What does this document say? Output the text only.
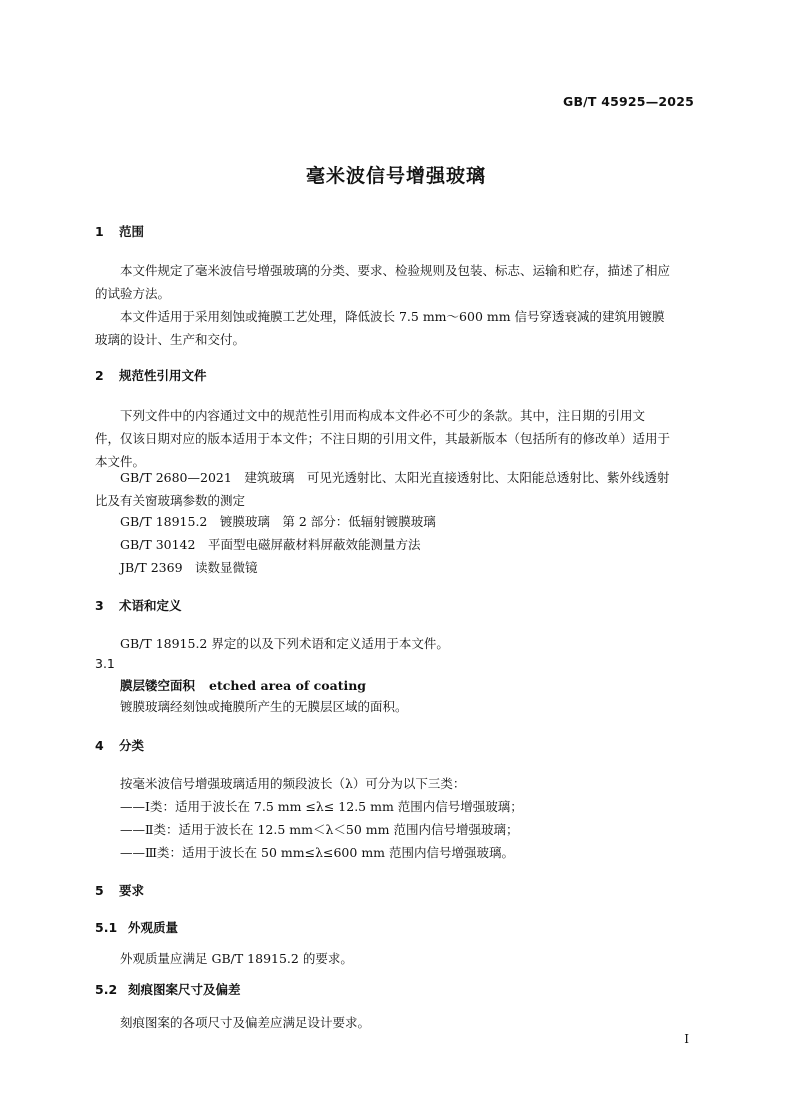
GB/T 45925—2025
毫米波信号增强玻璃
1 范围
本文件规定了毫米波信号增强玻璃的分类、要求、检验规则及包装、标志、运输和贮存，描述了相应
的试验方法。
本文件适用于采用刻蚀或掩膜工艺处理，降低波长 7.5 mm～600 mm 信号穿透衰减的建筑用镀膜
玻璃的设计、生产和交付。
2 规范性引用文件
下列文件中的内容通过文中的规范性引用而构成本文件必不可少的条款。其中，注日期的引用文
件，仅该日期对应的版本适用于本文件；不注日期的引用文件，其最新版本（包括所有的修改单）适用于
本文件。
GB/T 2680—2021　建筑玻璃　可见光透射比、太阳光直接透射比、太阳能总透射比、紫外线透射
比及有关窗玻璃参数的测定
GB/T 18915.2　镀膜玻璃　第 2 部分：低辐射镀膜玻璃
GB/T 30142　平面型电磁屏蔽材料屏蔽效能测量方法
JB/T 2369　读数显微镜
3 术语和定义
GB/T 18915.2 界定的以及下列术语和定义适用于本文件。
3.1
膜层镂空面积 etched area of coating
镀膜玻璃经刻蚀或掩膜所产生的无膜层区域的面积。
4 分类
按毫米波信号增强玻璃适用的频段波长（λ）可分为以下三类：
——Ⅰ类：适用于波长在 7.5 mm ≤λ≤ 12.5 mm 范围内信号增强玻璃；
——Ⅱ类：适用于波长在 12.5 mm＜λ＜50 mm 范围内信号增强玻璃；
——Ⅲ类：适用于波长在 50 mm≤λ≤600 mm 范围内信号增强玻璃。
5 要求
5.1 外观质量
外观质量应满足 GB/T 18915.2 的要求。
5.2 刻痕图案尺寸及偏差
刻痕图案的各项尺寸及偏差应满足设计要求。
I
